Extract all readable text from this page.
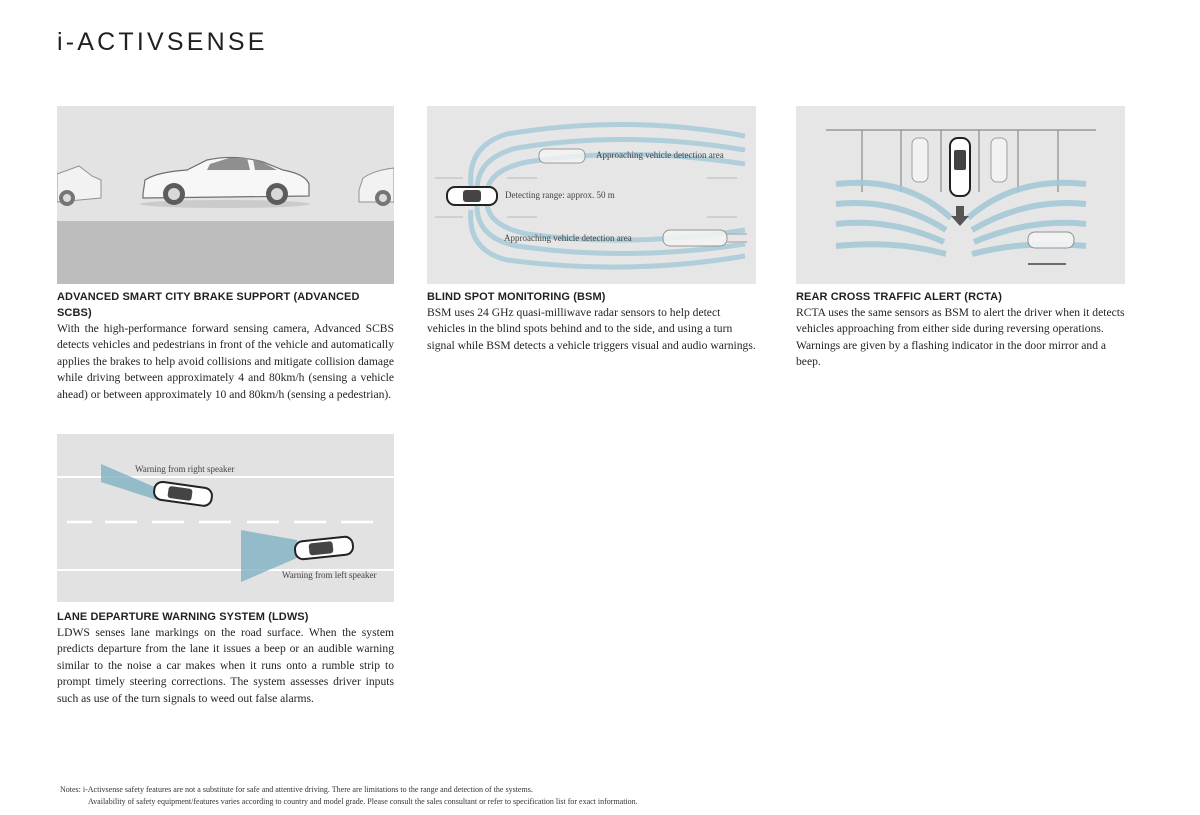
i-ACTIVSENSE
ADVANCED SMART CITY BRAKE SUPPORT (ADVANCED SCBS)

With the high-performance forward sensing camera, Advanced SCBS detects vehicles and pedestrians in front of the vehicle and automatically applies the brakes to help avoid collisions and mitigate collision damage while driving between approximately 4 and 80km/h (sensing a vehicle ahead) or between approximately 10 and 80km/h (sensing a pedestrian).

Approaching vehicle detection area
Detecting range: approx. 50 m
Approaching vehicle detection area
BLIND SPOT MONITORING (BSM)

BSM uses 24 GHz quasi-milliwave radar sensors to help detect vehicles in the blind spots behind and to the side, and using a turn signal while BSM detects a vehicle triggers visual and audio warnings.

REAR CROSS TRAFFIC ALERT (RCTA)

RCTA uses the same sensors as BSM to alert the driver when it detects vehicles approaching from either side during reversing operations. Warnings are given by a flashing indicator in the door mirror and a beep.

Warning from right speaker
Warning from left speaker
LANE DEPARTURE WARNING SYSTEM (LDWS)

LDWS senses lane markings on the road surface. When the system predicts departure from the lane it issues a beep or an audible warning similar to the noise a car makes when it runs onto a rumble strip to prompt timely steering corrections. The system assesses driver inputs such as use of the turn signals to weed out false alarms.

Notes: i-Activsense safety features are not a substitute for safe and attentive driving. There are limitations to the range and detection of the systems.
Availability of safety equipment/features varies according to country and model grade. Please consult the sales consultant or refer to specification list for exact information.
